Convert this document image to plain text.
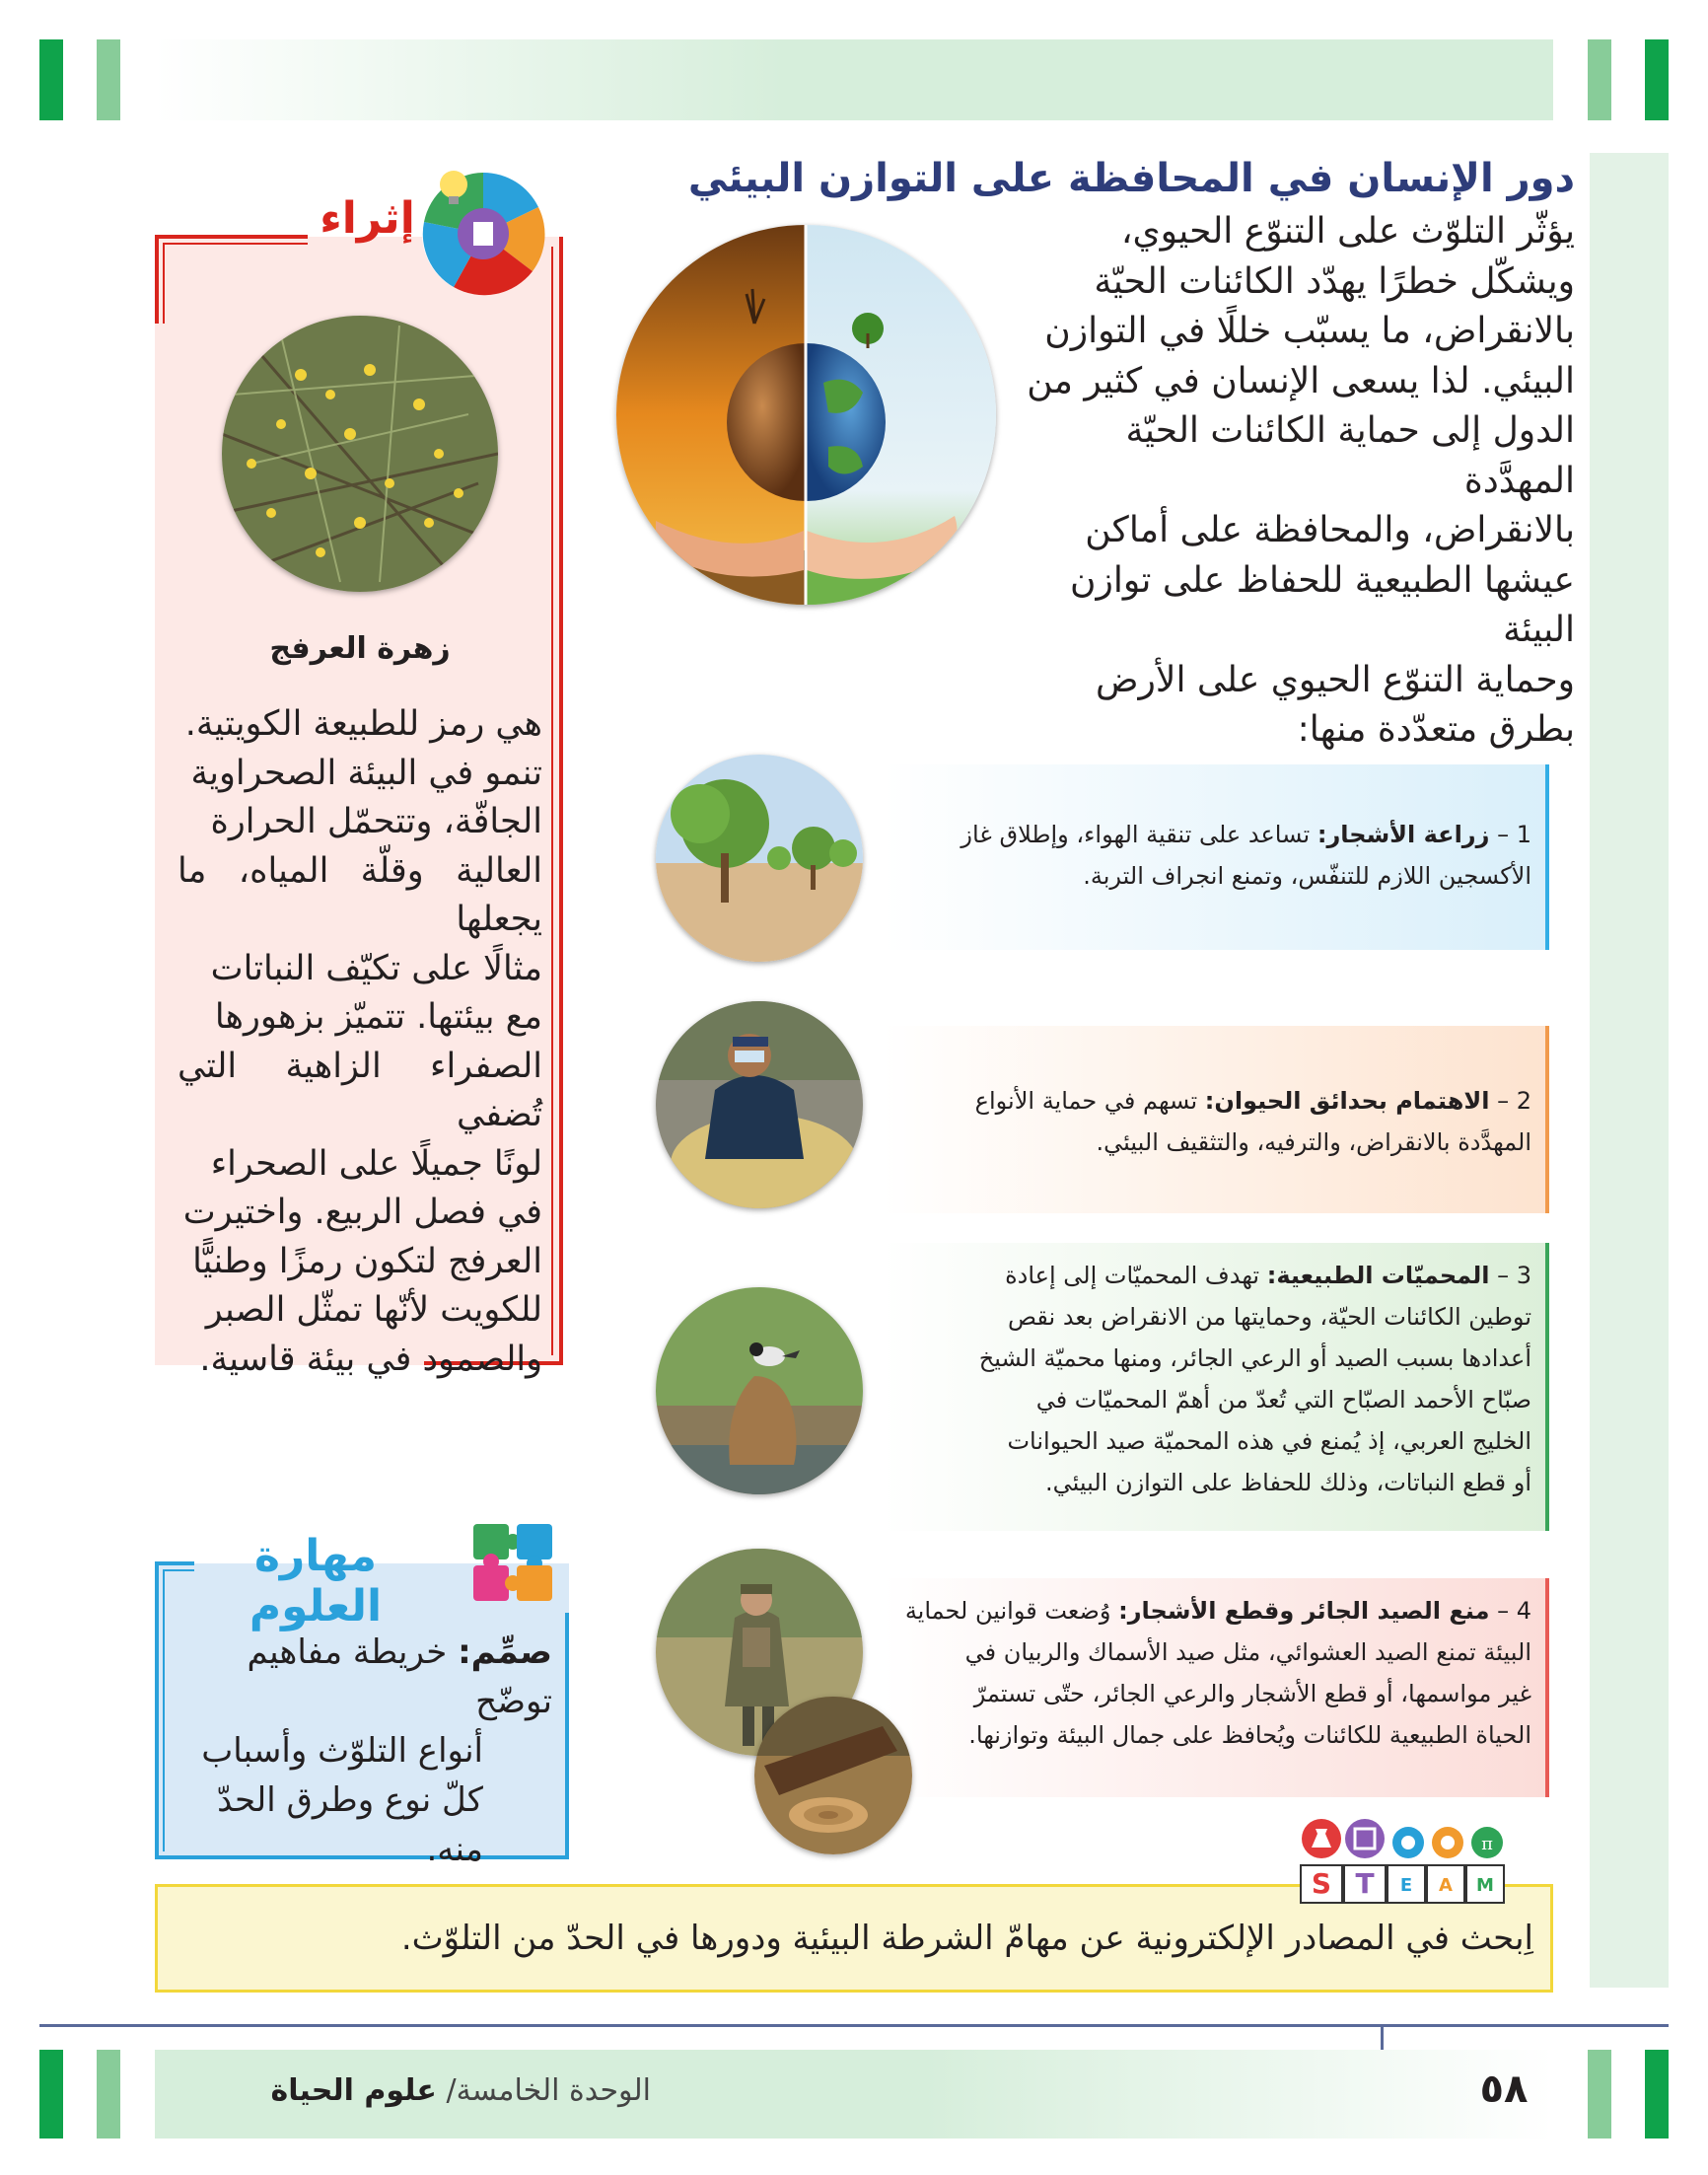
دور الإنسان في المحافظة على التوازن البيئي
يؤثّر التلوّث على التنوّع الحيوي،
ويشكّل خطرًا يهدّد الكائنات الحيّة
بالانقراض، ما يسبّب خللًا في التوازن
البيئي. لذا يسعى الإنسان في كثير من
الدول إلى حماية الكائنات الحيّة المهدَّدة
بالانقراض، والمحافظة على أماكن
عيشها الطبيعية للحفاظ على توازن البيئة
وحماية التنوّع الحيوي على الأرض
بطرق متعدّدة منها:
1 – زراعة الأشجار: تساعد على تنقية الهواء، وإطلاق غاز
الأكسجين اللازم للتنفّس، وتمنع انجراف التربة.
2 – الاهتمام بحدائق الحيوان: تسهم في حماية الأنواع
المهدَّدة بالانقراض، والترفيه، والتثقيف البيئي.
3 – المحميّات الطبيعية: تهدف المحميّات إلى إعادة
توطين الكائنات الحيّة، وحمايتها من الانقراض بعد نقص
أعدادها بسبب الصيد أو الرعي الجائر، ومنها محميّة الشيخ
صبّاح الأحمد الصبّاح التي تُعدّ من أهمّ المحميّات في
الخليج العربي، إذ يُمنع في هذه المحميّة صيد الحيوانات
أو قطع النباتات، وذلك للحفاظ على التوازن البيئي.
4 – منع الصيد الجائر وقطع الأشجار: وُضعت قوانين لحماية
البيئة تمنع الصيد العشوائي، مثل صيد الأسماك والربيان في
غير مواسمها، أو قطع الأشجار والرعي الجائر، حتّى تستمرّ
الحياة الطبيعية للكائنات ويُحافظ على جمال البيئة وتوازنها.
إثراء
زهرة العرفج
هي رمز للطبيعة الكويتية.
تنمو في البيئة الصحراوية
الجافّة، وتتحمّل الحرارة
العالية وقلّة المياه، ما يجعلها
مثالًا على تكيّف النباتات
مع بيئتها. تتميّز بزهورها
الصفراء الزاهية التي تُضفي
لونًا جميلًا على الصحراء
في فصل الربيع. واختيرت
العرفج لتكون رمزًا وطنيًّا
للكويت لأنّها تمثّل الصبر
والصمود في بيئة قاسية.
مهارة العلوم
صمِّم: خريطة مفاهيم توضّح
أنواع التلوّث وأسباب
كلّ نوع وطرق الحدّ
منه.
اِبحث في المصادر الإلكترونية عن مهامّ الشرطة البيئية ودورها في الحدّ من التلوّث.
π
S T	E	A	M
الوحدة الخامسة/ علوم الحياة	٥٨
